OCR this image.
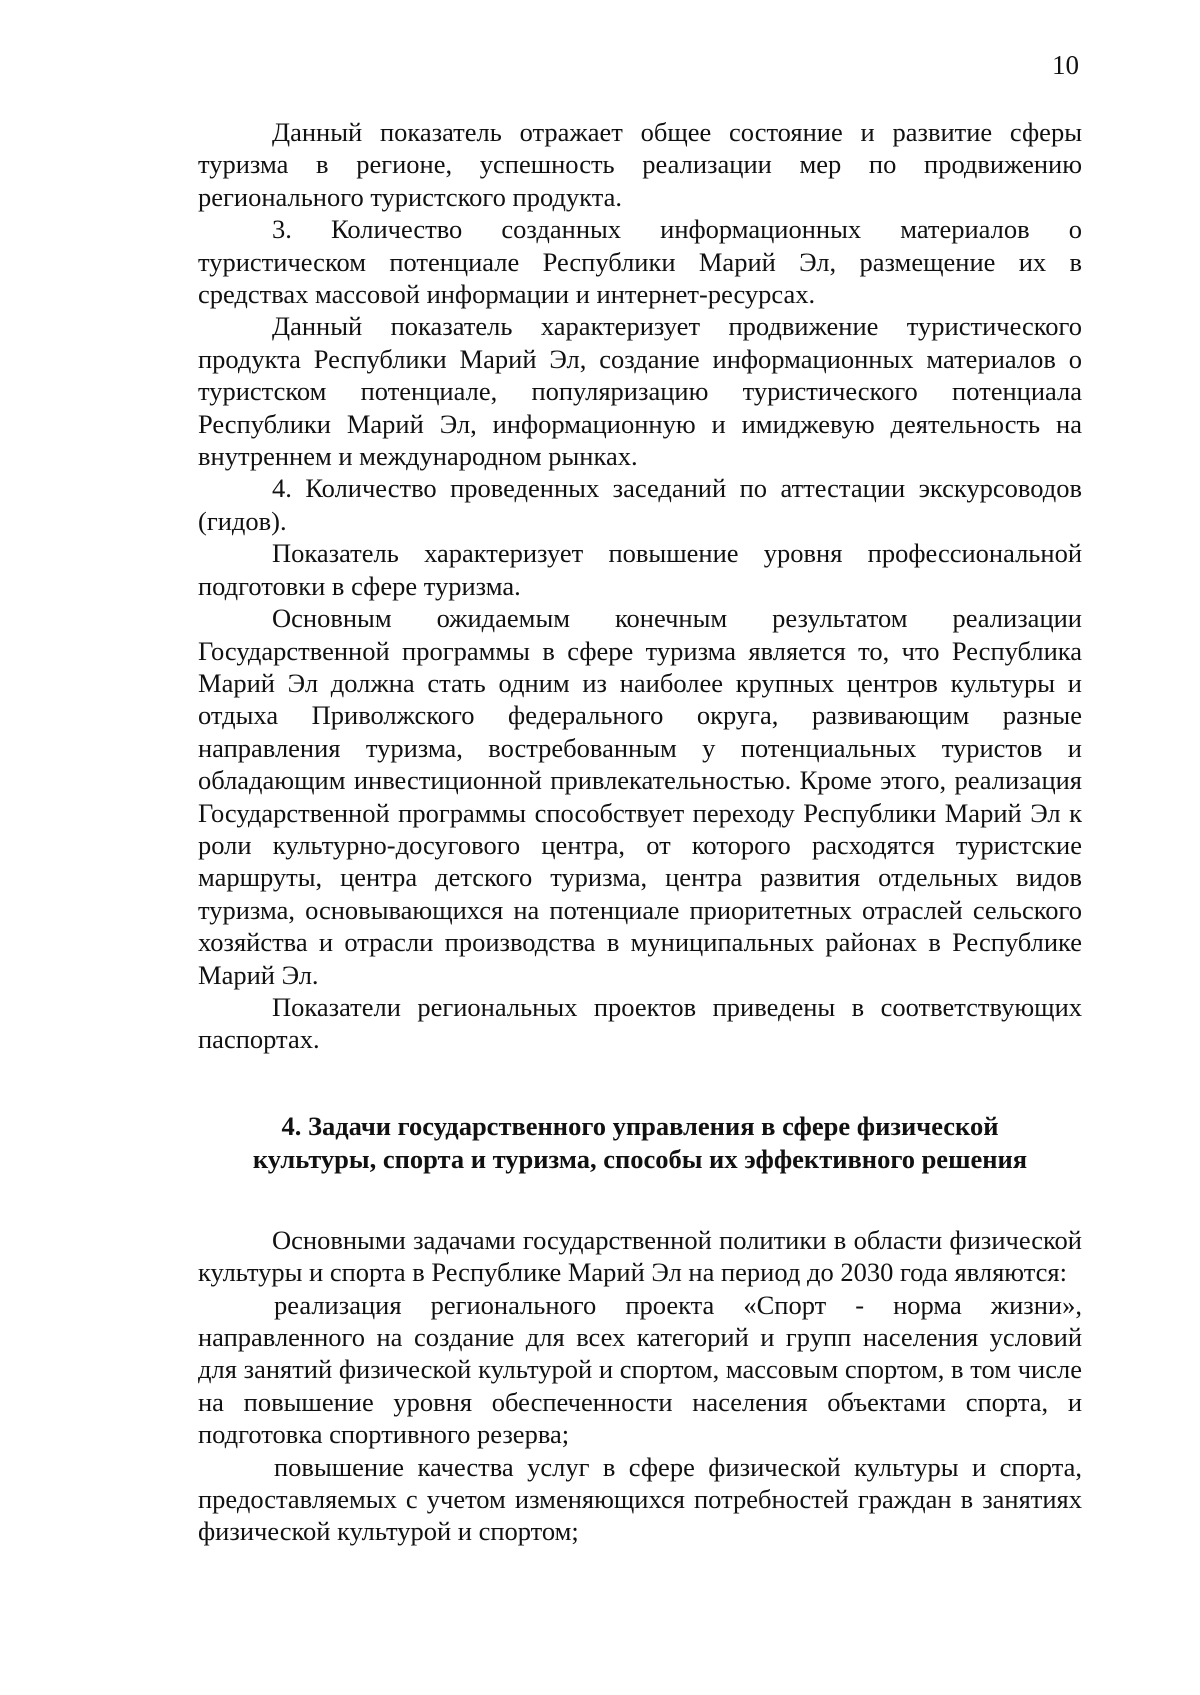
10

Данный показатель отражает общее состояние и развитие сферы туризма в регионе, успешность реализации мер по продвижению регионального туристского продукта.

3. Количество созданных информационных материалов о туристическом потенциале Республики Марий Эл, размещение их в средствах массовой информации и интернет-ресурсах.

Данный показатель характеризует продвижение туристического продукта Республики Марий Эл, создание информационных материалов о туристском потенциале, популяризацию туристического потенциала Республики Марий Эл, информационную и имиджевую деятельность на внутреннем и международном рынках.

4. Количество проведенных заседаний по аттестации экскурсоводов (гидов).

Показатель характеризует повышение уровня профессиональной подготовки в сфере туризма.

Основным ожидаемым конечным результатом реализации Государственной программы в сфере туризма является то, что Республика Марий Эл должна стать одним из наиболее крупных центров культуры и отдыха Приволжского федерального округа, развивающим разные направления туризма, востребованным у потенциальных туристов и обладающим инвестиционной привлекательностью. Кроме этого, реализация Государственной программы способствует переходу Республики Марий Эл к роли культурно-досугового центра, от которого расходятся туристские маршруты, центра детского туризма, центра развития отдельных видов туризма, основывающихся на потенциале приоритетных отраслей сельского хозяйства и отрасли производства в муниципальных районах в Республике Марий Эл.

Показатели региональных проектов приведены в соответствующих паспортах.

4. Задачи государственного управления в сфере физической
культуры, спорта и туризма, способы их эффективного решения

Основными задачами государственной политики в области физической культуры и спорта в Республике Марий Эл на период до 2030 года являются:

реализация регионального проекта «Спорт - норма жизни», направленного на создание для всех категорий и групп населения условий для занятий физической культурой и спортом, массовым спортом, в том числе на повышение уровня обеспеченности населения объектами спорта, и подготовка спортивного резерва;

повышение качества услуг в сфере физической культуры и спорта, предоставляемых с учетом изменяющихся потребностей граждан в занятиях физической культурой и спортом;
